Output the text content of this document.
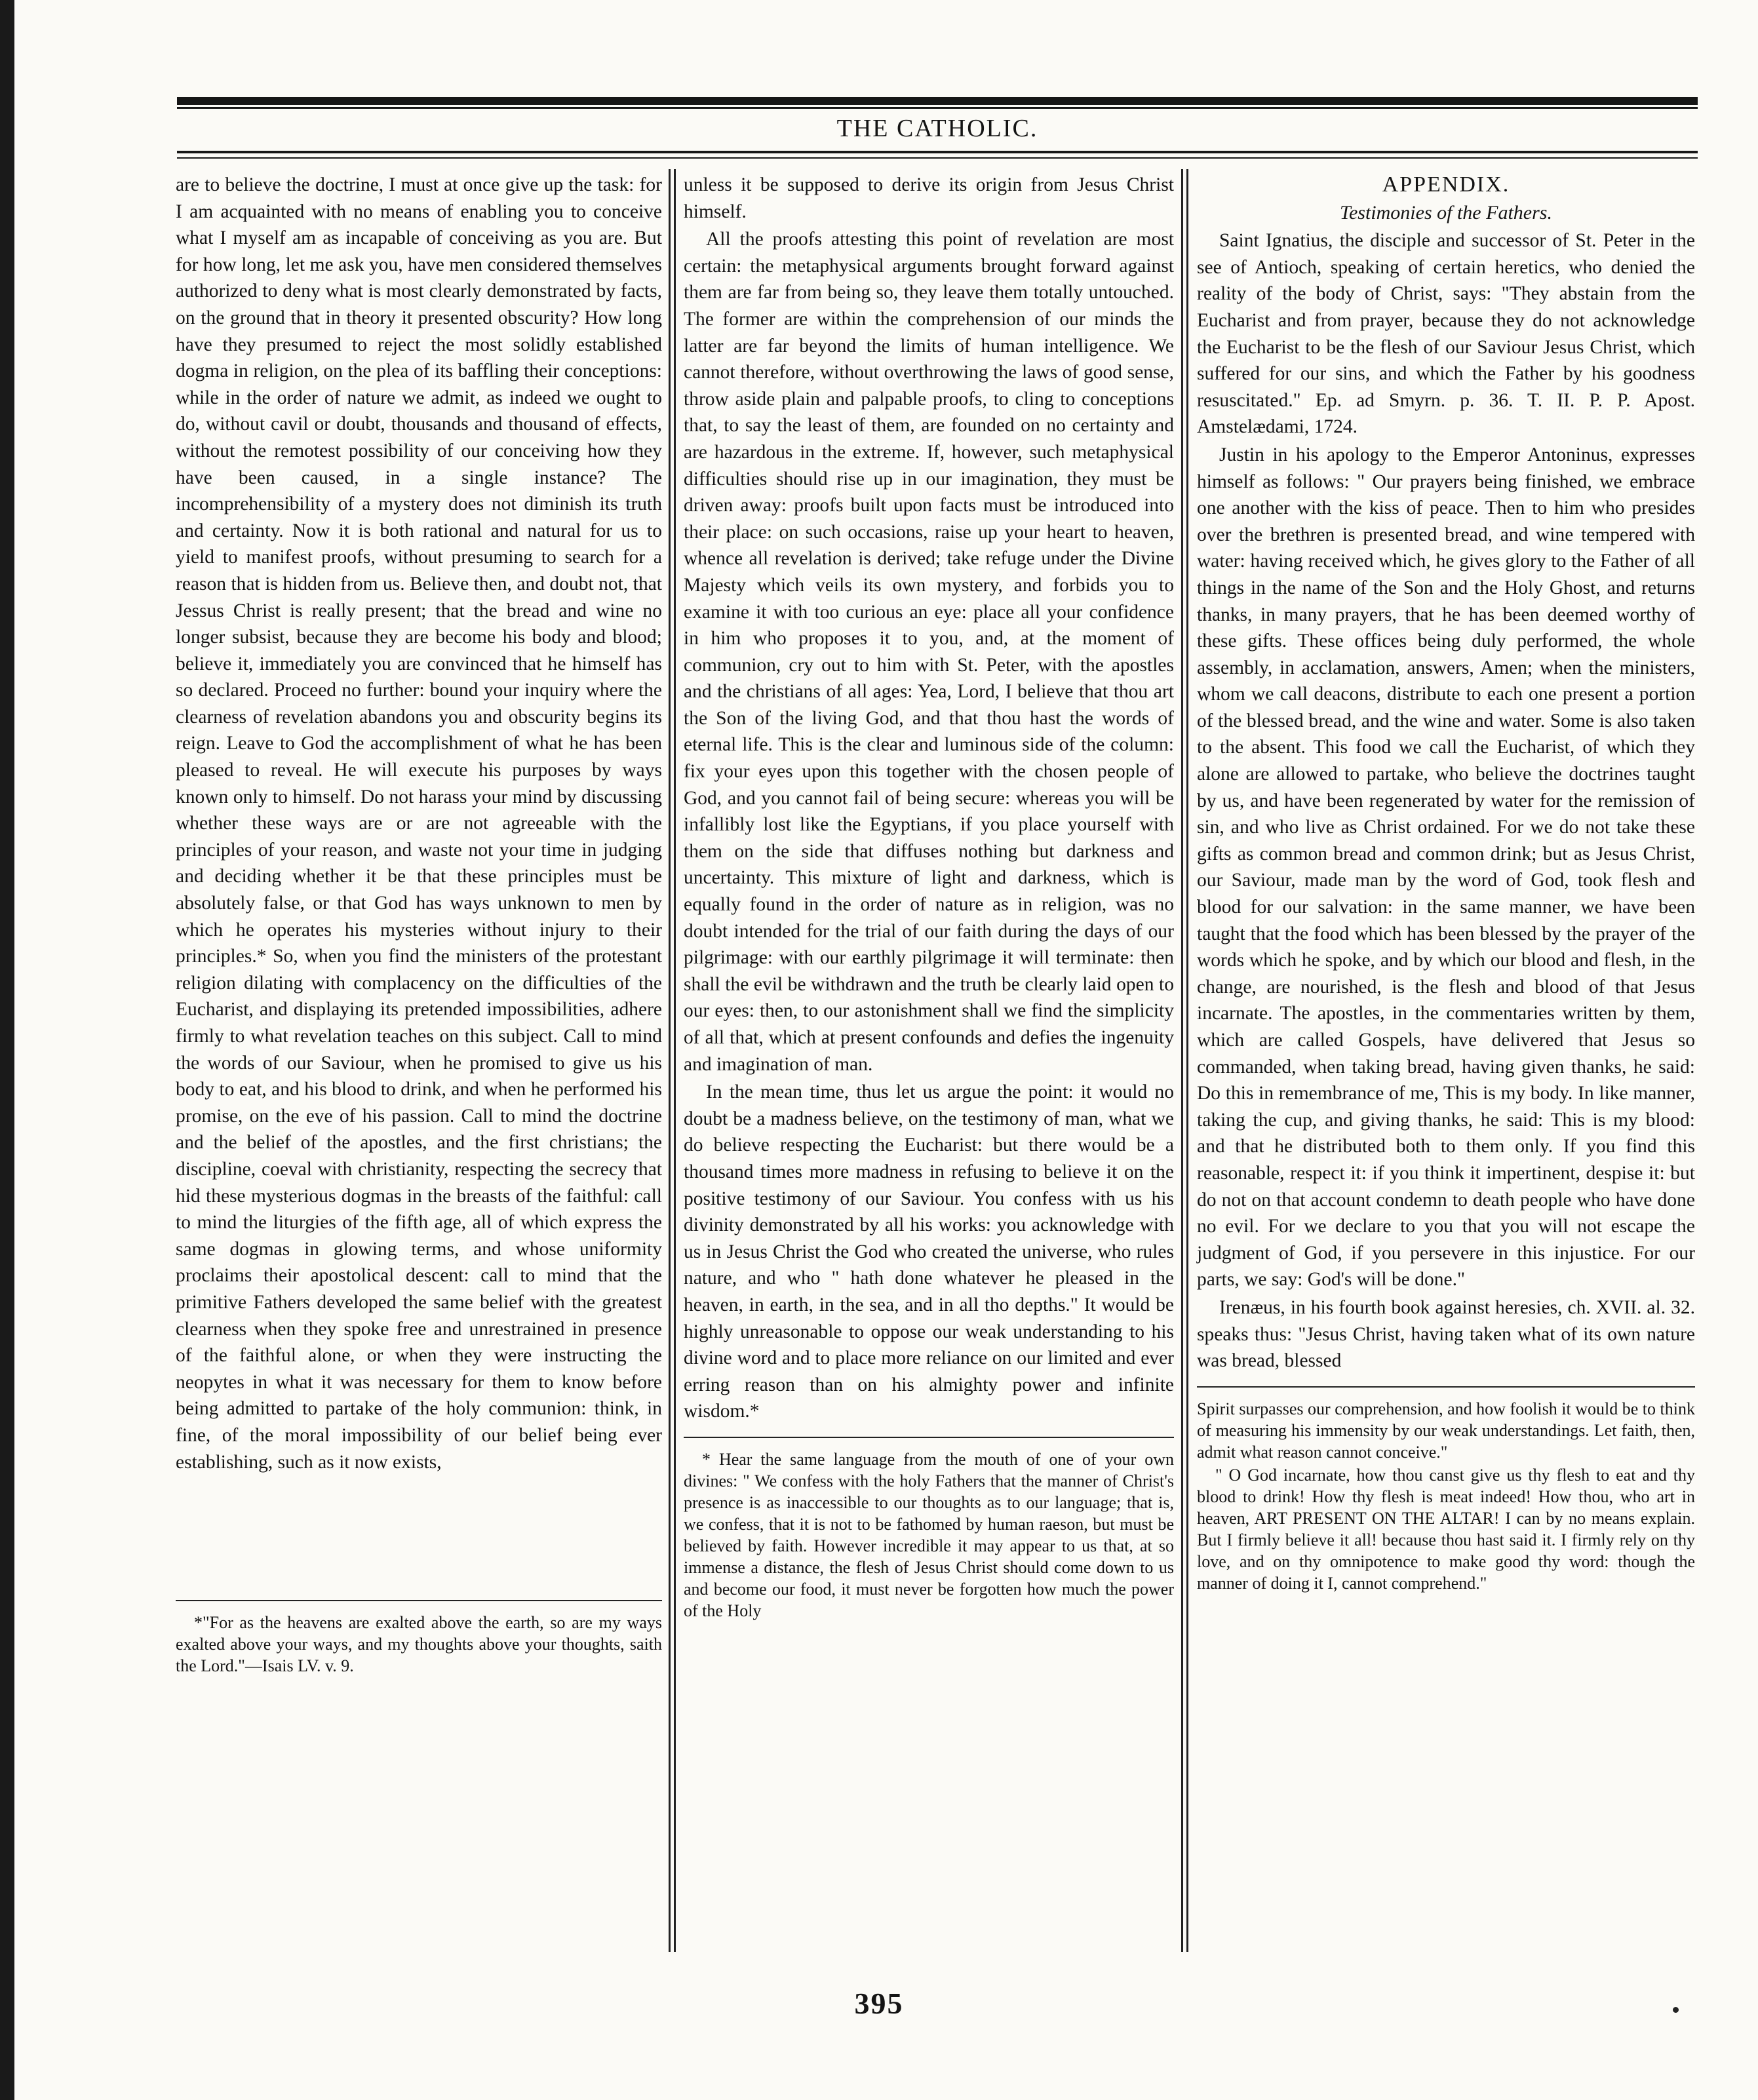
THE CATHOLIC.

are to believe the doctrine, I must at once give up the task: for I am acquainted with no means of enabling you to conceive what I myself am as incapable of conceiving as you are. But for how long, let me ask you, have men considered themselves authorized to deny what is most clearly demonstrated by facts, on the ground that in theory it presented obscurity? How long have they presumed to reject the most solidly established dogma in religion, on the plea of its baffling their conceptions: while in the order of nature we admit, as indeed we ought to do, without cavil or doubt, thousands and thousand of effects, without the remotest possibility of our conceiving how they have been caused, in a single instance? The incomprehensibility of a mystery does not diminish its truth and certainty. Now it is both rational and natural for us to yield to manifest proofs, without presuming to search for a reason that is hidden from us. Believe then, and doubt not, that Jessus Christ is really present; that the bread and wine no longer subsist, because they are become his body and blood; believe it, immediately you are convinced that he himself has so declared. Proceed no further: bound your inquiry where the clearness of revelation abandons you and obscurity begins its reign. Leave to God the accomplishment of what he has been pleased to reveal. He will execute his purposes by ways known only to himself. Do not harass your mind by discussing whether these ways are or are not agreeable with the principles of your reason, and waste not your time in judging and deciding whether it be that these principles must be absolutely false, or that God has ways unknown to men by which he operates his mysteries without injury to their principles.* So, when you find the ministers of the protestant religion dilating with complacency on the difficulties of the Eucharist, and displaying its pretended impossibilities, adhere firmly to what revelation teaches on this subject. Call to mind the words of our Saviour, when he promised to give us his body to eat, and his blood to drink, and when he performed his promise, on the eve of his passion. Call to mind the doctrine and the belief of the apostles, and the first christians; the discipline, coeval with christianity, respecting the secrecy that hid these mysterious dogmas in the breasts of the faithful: call to mind the liturgies of the fifth age, all of which express the same dogmas in glowing terms, and whose uniformity proclaims their apostolical descent: call to mind that the primitive Fathers developed the same belief with the greatest clearness when they spoke free and unrestrained in presence of the faithful alone, or when they were instructing the neopytes in what it was necessary for them to know before being admitted to partake of the holy communion: think, in fine, of the moral impossibility of our belief being ever establishing, such as it now exists,

*"For as the heavens are exalted above the earth, so are my ways exalted above your ways, and my thoughts above your thoughts, saith the Lord."—Isais LV. v. 9.

unless it be supposed to derive its origin from Jesus Christ himself.

All the proofs attesting this point of revelation are most certain: the metaphysical arguments brought forward against them are far from being so, they leave them totally untouched. The former are within the comprehension of our minds the latter are far beyond the limits of human intelligence. We cannot therefore, without overthrowing the laws of good sense, throw aside plain and palpable proofs, to cling to conceptions that, to say the least of them, are founded on no certainty and are hazardous in the extreme. If, however, such metaphysical difficulties should rise up in our imagination, they must be driven away: proofs built upon facts must be introduced into their place: on such occasions, raise up your heart to heaven, whence all revelation is derived; take refuge under the Divine Majesty which veils its own mystery, and forbids you to examine it with too curious an eye: place all your confidence in him who proposes it to you, and, at the moment of communion, cry out to him with St. Peter, with the apostles and the christians of all ages: Yea, Lord, I believe that thou art the Son of the living God, and that thou hast the words of eternal life. This is the clear and luminous side of the column: fix your eyes upon this together with the chosen people of God, and you cannot fail of being secure: whereas you will be infallibly lost like the Egyptians, if you place yourself with them on the side that diffuses nothing but darkness and uncertainty. This mixture of light and darkness, which is equally found in the order of nature as in religion, was no doubt intended for the trial of our faith during the days of our pilgrimage: with our earthly pilgrimage it will terminate: then shall the evil be withdrawn and the truth be clearly laid open to our eyes: then, to our astonishment shall we find the simplicity of all that, which at present confounds and defies the ingenuity and imagination of man.

In the mean time, thus let us argue the point: it would no doubt be a madness believe, on the testimony of man, what we do believe respecting the Eucharist: but there would be a thousand times more madness in refusing to believe it on the positive testimony of our Saviour. You confess with us his divinity demonstrated by all his works: you acknowledge with us in Jesus Christ the God who created the universe, who rules nature, and who " hath done whatever he pleased in the heaven, in earth, in the sea, and in all tho depths." It would be highly unreasonable to oppose our weak understanding to his divine word and to place more reliance on our limited and ever erring reason than on his almighty power and infinite wisdom.*

* Hear the same language from the mouth of one of your own divines: " We confess with the holy Fathers that the manner of Christ's presence is as inaccessible to our thoughts as to our language; that is, we confess, that it is not to be fathomed by human raeson, but must be believed by faith. However incredible it may appear to us that, at so immense a distance, the flesh of Jesus Christ should come down to us and become our food, it must never be forgotten how much the power of the Holy

APPENDIX.

Testimonies of the Fathers.

Saint Ignatius, the disciple and successor of St. Peter in the see of Antioch, speaking of certain heretics, who denied the reality of the body of Christ, says: "They abstain from the Eucharist and from prayer, because they do not acknowledge the Eucharist to be the flesh of our Saviour Jesus Christ, which suffered for our sins, and which the Father by his goodness resuscitated." Ep. ad Smyrn. p. 36. T. II. P. P. Apost. Amstelædami, 1724.

Justin in his apology to the Emperor Antoninus, expresses himself as follows: " Our prayers being finished, we embrace one another with the kiss of peace. Then to him who presides over the brethren is presented bread, and wine tempered with water: having received which, he gives glory to the Father of all things in the name of the Son and the Holy Ghost, and returns thanks, in many prayers, that he has been deemed worthy of these gifts. These offices being duly performed, the whole assembly, in acclamation, answers, Amen; when the ministers, whom we call deacons, distribute to each one present a portion of the blessed bread, and the wine and water. Some is also taken to the absent. This food we call the Eucharist, of which they alone are allowed to partake, who believe the doctrines taught by us, and have been regenerated by water for the remission of sin, and who live as Christ ordained. For we do not take these gifts as common bread and common drink; but as Jesus Christ, our Saviour, made man by the word of God, took flesh and blood for our salvation: in the same manner, we have been taught that the food which has been blessed by the prayer of the words which he spoke, and by which our blood and flesh, in the change, are nourished, is the flesh and blood of that Jesus incarnate. The apostles, in the commentaries written by them, which are called Gospels, have delivered that Jesus so commanded, when taking bread, having given thanks, he said: Do this in remembrance of me, This is my body. In like manner, taking the cup, and giving thanks, he said: This is my blood: and that he distributed both to them only. If you find this reasonable, respect it: if you think it impertinent, despise it: but do not on that account condemn to death people who have done no evil. For we declare to you that you will not escape the judgment of God, if you persevere in this injustice. For our parts, we say: God's will be done."

Irenæus, in his fourth book against heresies, ch. XVII. al. 32. speaks thus: "Jesus Christ, having taken what of its own nature was bread, blessed

Spirit surpasses our comprehension, and how foolish it would be to think of measuring his immensity by our weak understandings. Let faith, then, admit what reason cannot conceive."

" O God incarnate, how thou canst give us thy flesh to eat and thy blood to drink! How thy flesh is meat indeed! How thou, who art in heaven, ART PRESENT ON THE ALTAR! I can by no means explain. But I firmly believe it all! because thou hast said it. I firmly rely on thy love, and on thy omnipotence to make good thy word: though the manner of doing it I, cannot comprehend."

395
